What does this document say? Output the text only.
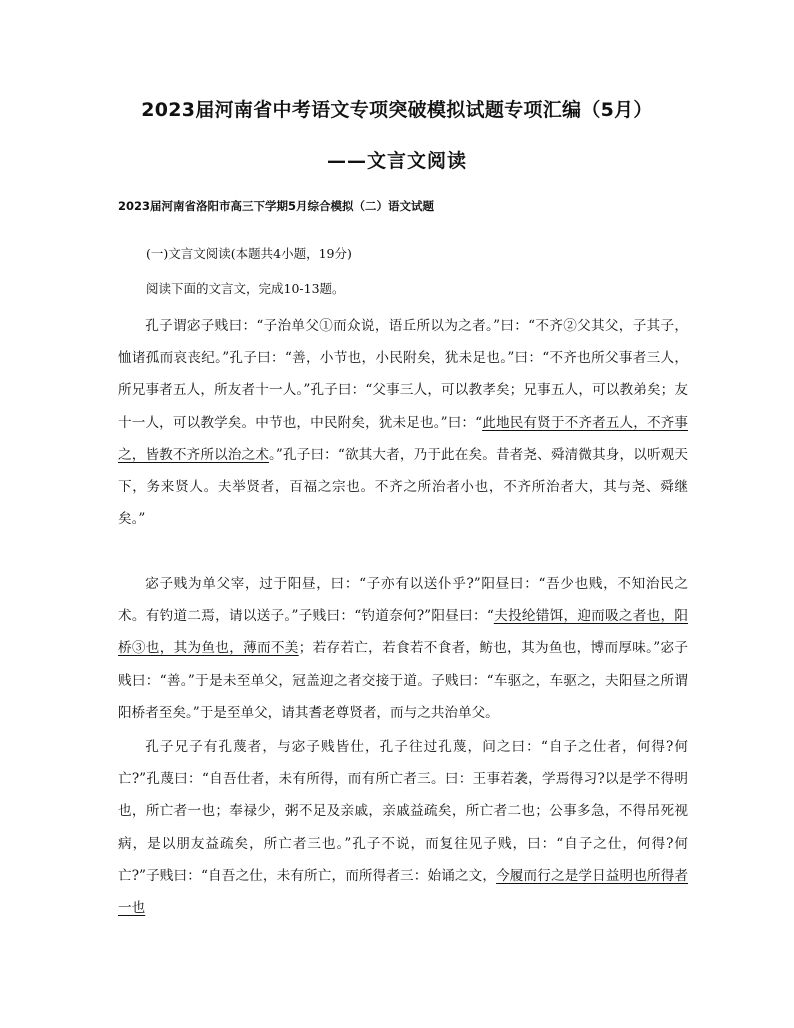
2023届河南省中考语文专项突破模拟试题专项汇编（5月）
——文言文阅读
2023届河南省洛阳市高三下学期5月综合模拟（二）语文试题
(一)文言文阅读(本题共4小题，19分)
阅读下面的文言文，完成10-13题。
孔子谓宓子贱曰：“子治单父①而众说，语丘所以为之者。”曰：“不齐②父其父，子其子，恤诸孤而哀丧纪。”孔子曰：“善，小节也，小民附矣，犹未足也。”曰：“不齐也所父事者三人，所兄事者五人，所友者十一人。”孔子曰：“父事三人，可以教孝矣；兄事五人，可以教弟矣；友十一人，可以教学矣。中节也，中民附矣，犹未足也。”曰：“此地民有贤于不齐者五人，不齐事之，皆教不齐所以治之术。”孔子曰：“欲其大者，乃于此在矣。昔者尧、舜清微其身，以听观天下，务来贤人。夫举贤者，百福之宗也。不齐之所治者小也，不齐所治者大，其与尧、舜继矣。”
宓子贱为单父宰，过于阳昼，曰：“子亦有以送仆乎?”阳昼曰：“吾少也贱，不知治民之术。有钓道二焉，请以送子。”子贱曰：“钓道奈何?”阳昼曰：“夫投纶错饵，迎而吸之者也，阳桥③也，其为鱼也，薄而不美；若存若亡，若食若不食者，鲂也，其为鱼也，博而厚味。”宓子贱曰：“善。”于是未至单父，冠盖迎之者交接于道。子贱曰：“车驱之，车驱之，夫阳昼之所谓阳桥者至矣。”于是至单父，请其耆老尊贤者，而与之共治单父。
孔子兄子有孔蔑者，与宓子贱皆仕，孔子往过孔蔑，问之曰：“自子之仕者，何得?何亡?”孔蔑曰：“自吾仕者，未有所得，而有所亡者三。曰：王事若袭，学焉得习?以是学不得明也，所亡者一也；奉禄少，粥不足及亲戚，亲戚益疏矣，所亡者二也；公事多急，不得吊死视病，是以朋友益疏矣，所亡者三也。”孔子不说，而复往见子贱，曰：“自子之仕，何得?何亡?”子贱曰：“自吾之仕，未有所亡，而所得者三：始诵之文，今履而行之是学日益明也所得者一也
